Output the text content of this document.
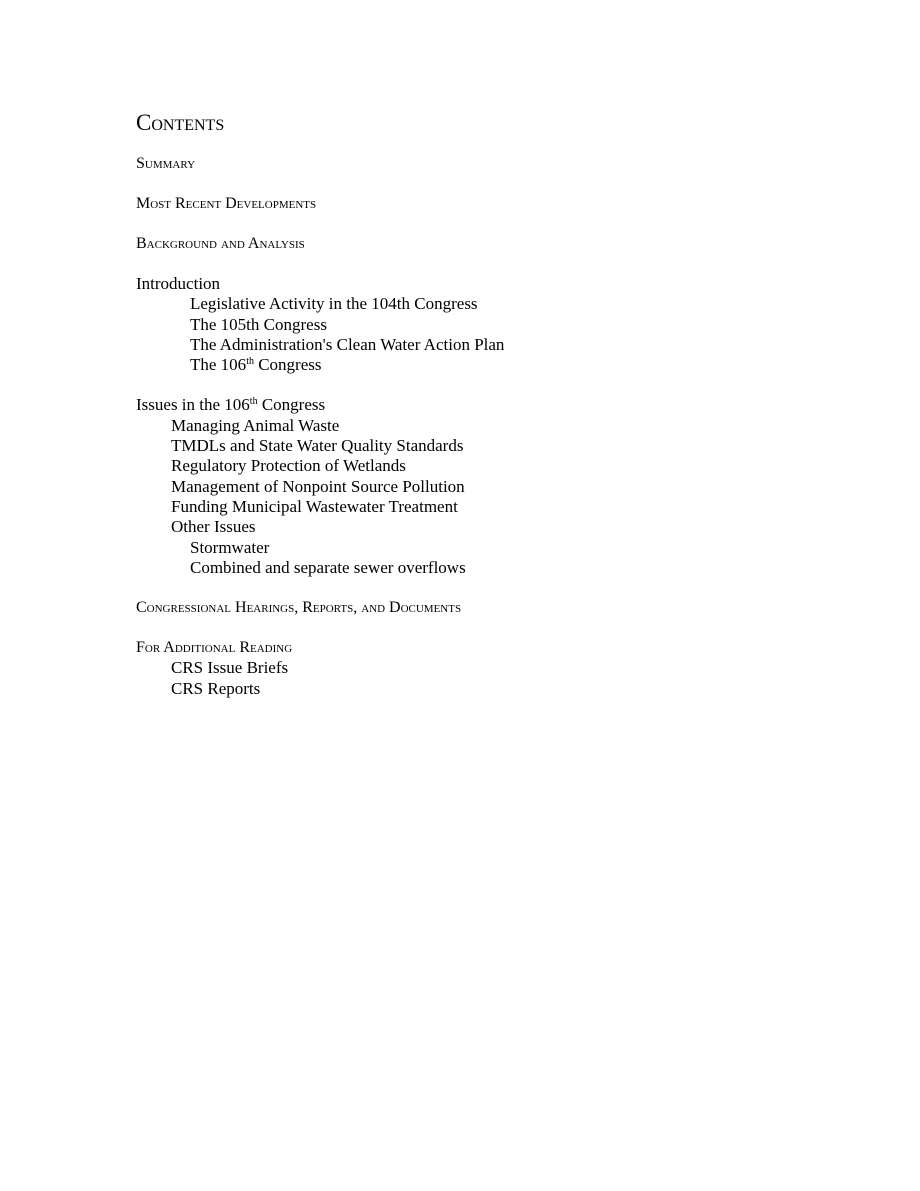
Contents
Summary
Most Recent Developments
Background and Analysis
Introduction
Legislative Activity in the 104th Congress
The 105th Congress
The Administration's Clean Water Action Plan
The 106th Congress
Issues in the 106th Congress
Managing Animal Waste
TMDLs and State Water Quality Standards
Regulatory Protection of Wetlands
Management of Nonpoint Source Pollution
Funding Municipal Wastewater Treatment
Other Issues
Stormwater
Combined and separate sewer overflows
Congressional Hearings, Reports, and Documents
For Additional Reading
CRS Issue Briefs
CRS Reports
